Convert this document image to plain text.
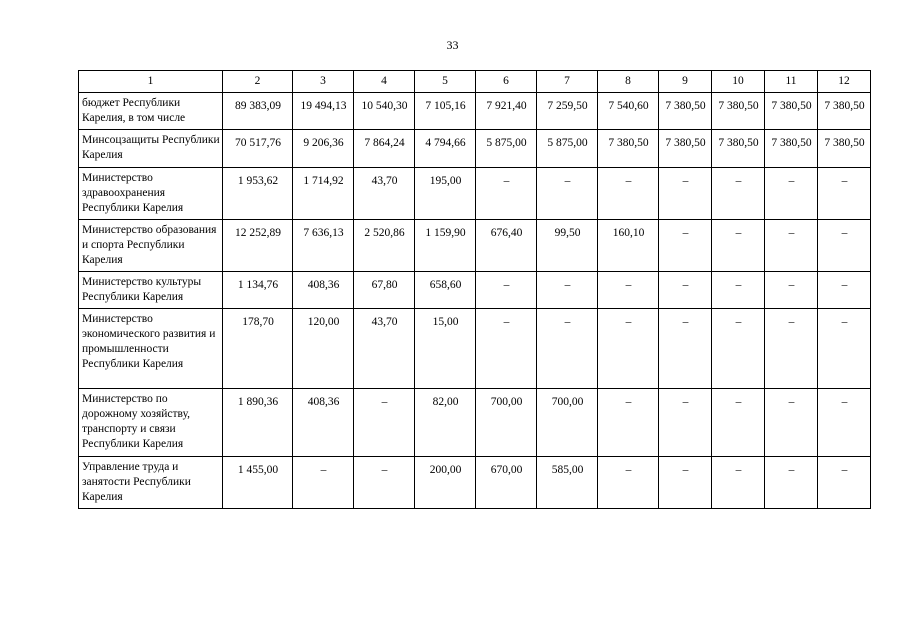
33
1	2	3	4	5	6	7	8	9	10	11	12
бюджет Республики Карелия, в том числе	89 383,09	19 494,13	10 540,30	7 105,16	7 921,40	7 259,50	7 540,60	7 380,50	7 380,50	7 380,50	7 380,50
Минсоцзащиты Республики Карелия	70 517,76	9 206,36	7 864,24	4 794,66	5 875,00	5 875,00	7 380,50	7 380,50	7 380,50	7 380,50	7 380,50
Министерство здравоохранения Республики Карелия	1 953,62	1 714,92	43,70	195,00	–	–	–	–	–	–	–
Министерство образования и спорта Республики Карелия	12 252,89	7 636,13	2 520,86	1 159,90	676,40	99,50	160,10	–	–	–	–
Министерство культуры Республики Карелия	1 134,76	408,36	67,80	658,60	–	–	–	–	–	–	–
Министерство экономического развития и промышленности Республики Карелия	178,70	120,00	43,70	15,00	–	–	–	–	–	–	–
Министерство по дорожному хозяйству, транспорту и связи Республики Карелия	1 890,36	408,36	–	82,00	700,00	700,00	–	–	–	–	–
Управление труда и занятости Республики Карелия	1 455,00	–	–	200,00	670,00	585,00	–	–	–	–	–
